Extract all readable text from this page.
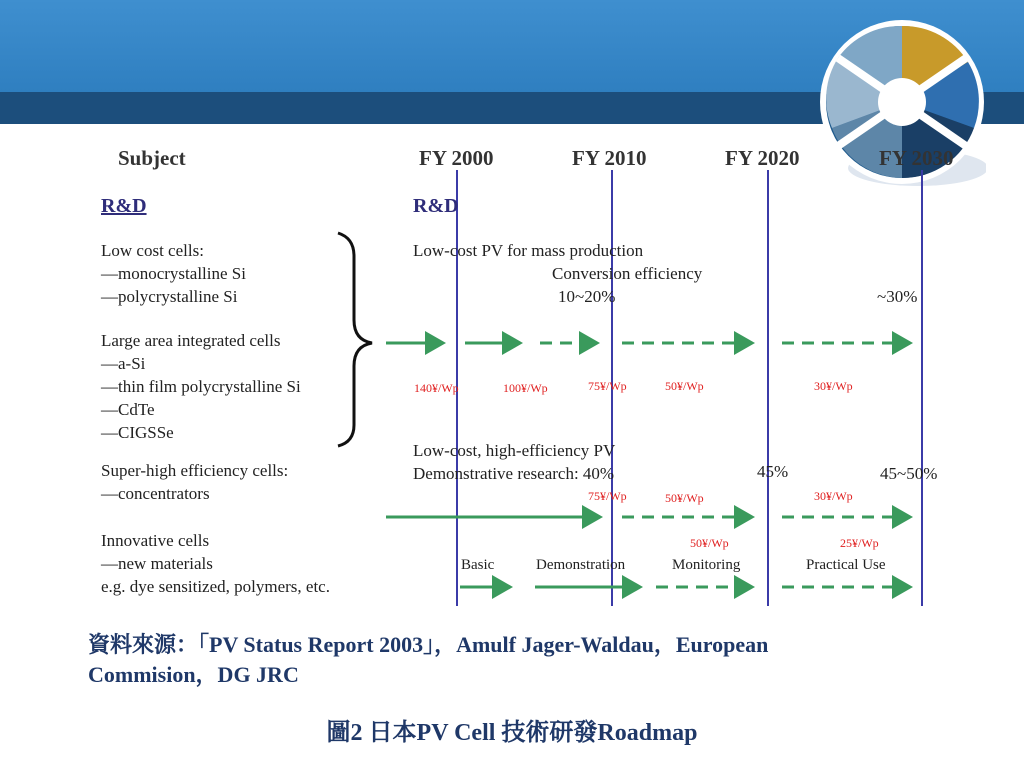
Subject	FY 2000	FY 2010	FY 2020	FY 2030
R&D	R&D
Low cost cells:
—monocrystalline Si
—polycrystalline Si
Large area integrated cells
—a-Si
—thin film polycrystalline Si
—CdTe
—CIGSSe
Super-high efficiency cells:
—concentrators
Innovative cells
—new materials
e.g. dye sensitized, polymers, etc.
Low-cost PV for mass production
Conversion efficiency
10~20%	~30%
140¥/Wp	100¥/Wp	75¥/Wp	50¥/Wp	30¥/Wp
Low-cost, high-efficiency PV
Demonstrative research: 40%	45%	45~50%
75¥/Wp	50¥/Wp	30¥/Wp
50¥/Wp	25¥/Wp
Basic	Demonstration	Monitoring	Practical Use
資料來源：「PV Status Report 2003」，Amulf Jager-Waldau，European
Commision，DG JRC
圖2 日本PV Cell 技術研發Roadmap
